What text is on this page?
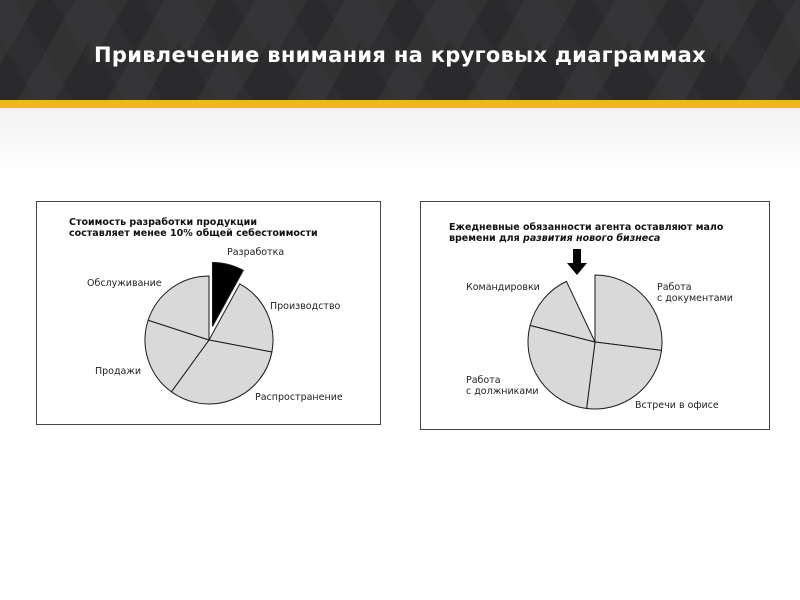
Привлечение внимания на круговых диаграммах
Стоимость разработки продукции
составляет менее 10% общей себестоимости
Разработка
Производство
Распространение
Продажи
Обслуживание
Ежедневные обязанности агента оставляют мало
времени для развития нового бизнеса
Работа
с документами
Встречи в офисе
Работа
с должниками
Командировки
